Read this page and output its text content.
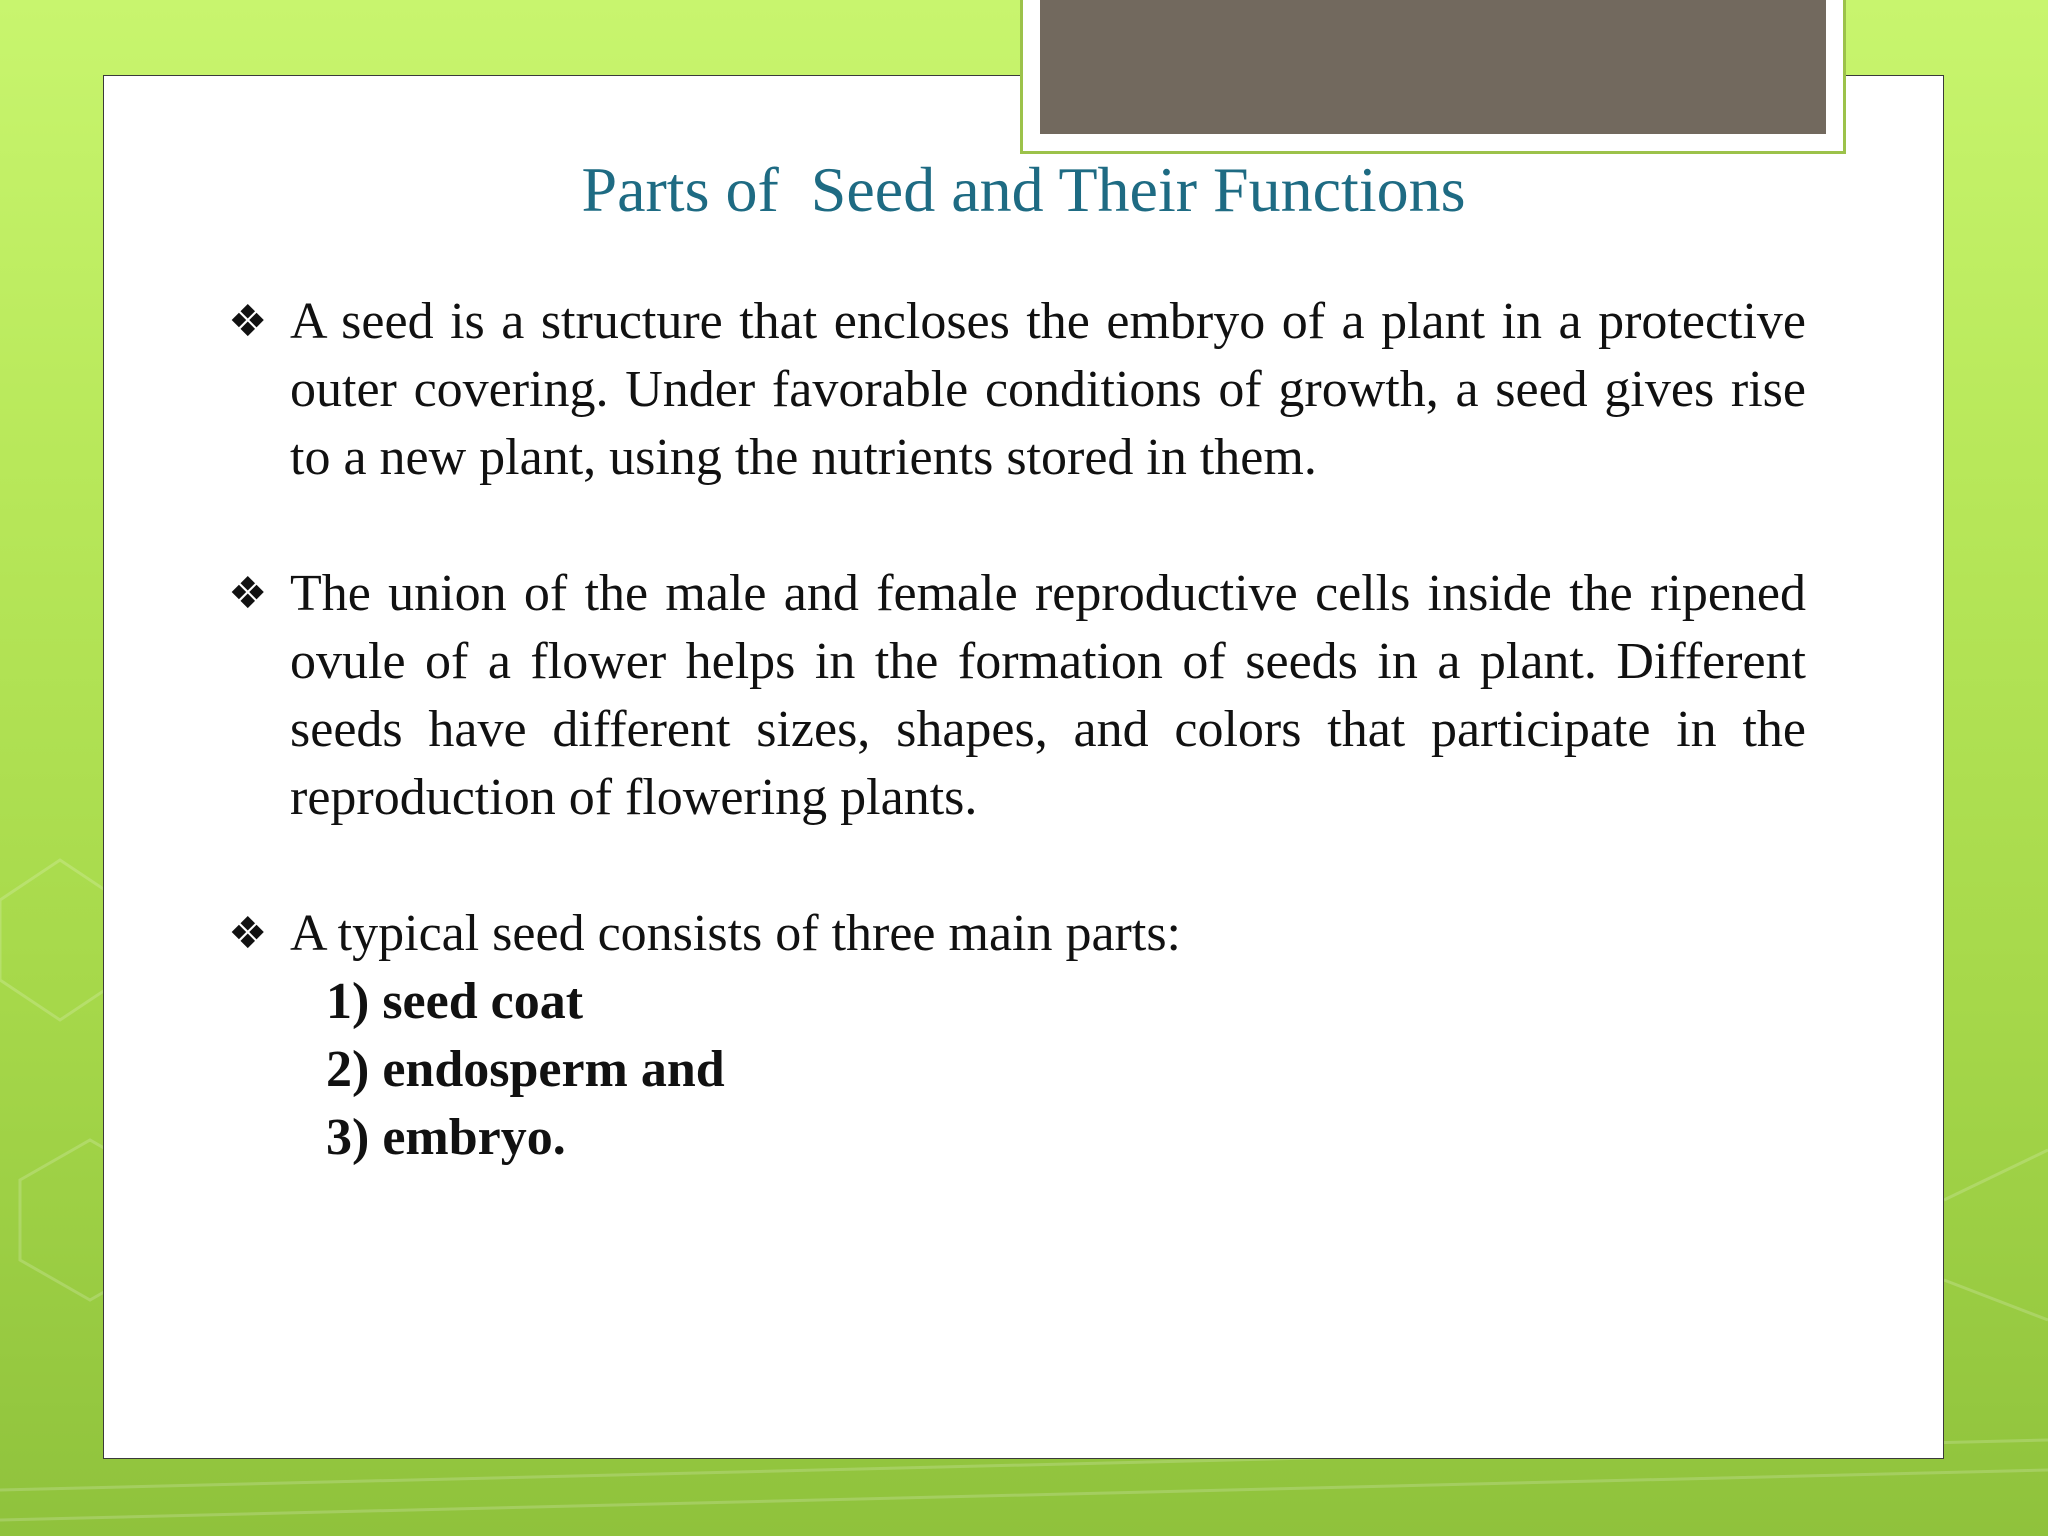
Parts of  Seed and Their Functions

❖ A seed is a structure that encloses the embryo of a plant in a protective outer covering. Under favorable conditions of growth, a seed gives rise to a new plant, using the nutrients stored in them.

❖ The union of the male and female reproductive cells inside the ripened ovule of a flower helps in the formation of seeds in a plant. Different seeds have different sizes, shapes, and colors that participate in the reproduction of flowering plants.

❖ A typical seed consists of three main parts:
1) seed coat
2) endosperm and
3) embryo.
